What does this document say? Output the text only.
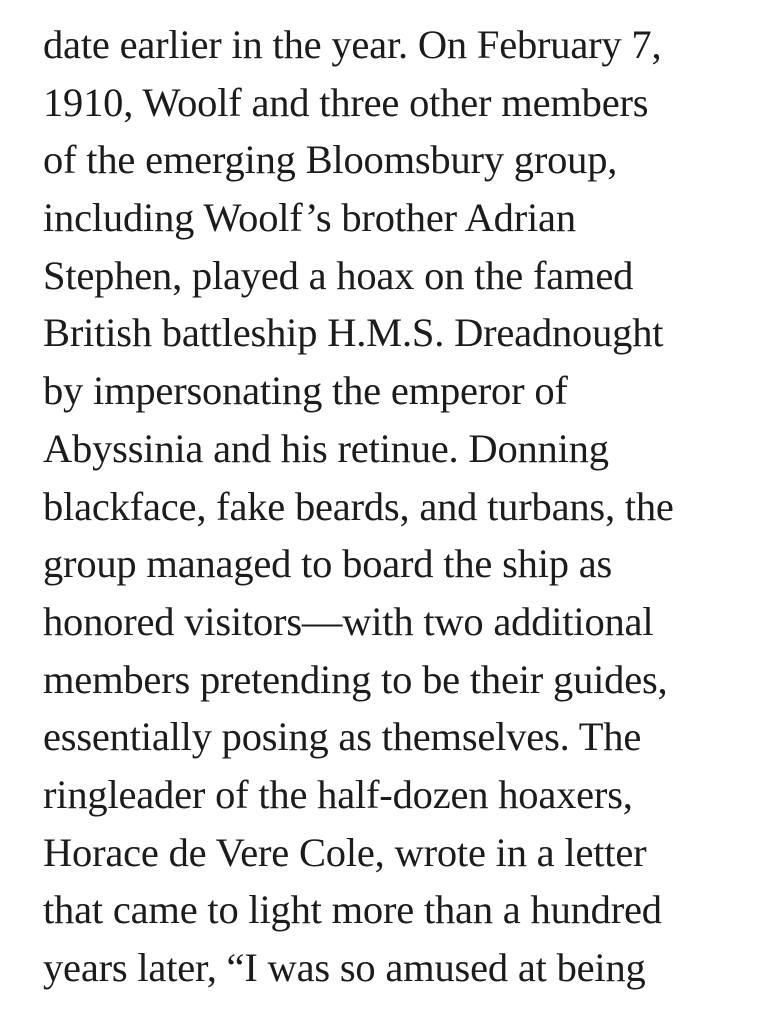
date earlier in the year. On February 7,
1910, Woolf and three other members
of the emerging Bloomsbury group,
including Woolf’s brother Adrian
Stephen, played a hoax on the famed
British battleship H.M.S. Dreadnought
by impersonating the emperor of
Abyssinia and his retinue. Donning
blackface, fake beards, and turbans, the
group managed to board the ship as
honored visitors—with two additional
members pretending to be their guides,
essentially posing as themselves. The
ringleader of the half-dozen hoaxers,
Horace de Vere Cole, wrote in a letter
that came to light more than a hundred
years later, “I was so amused at being
